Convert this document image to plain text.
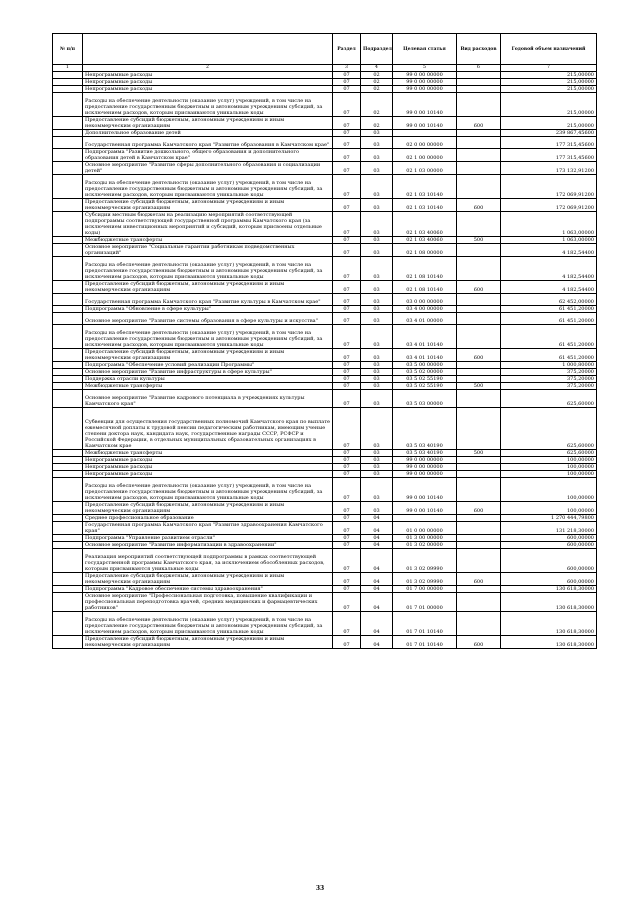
№ п/п		Раздел	Подраздел	Целевая статья	Вид расходов	Годовой объем назначений
1	2	3	4	5	6	7
	Непрограммные расходы	07	02	99 0 00 00000		215,00000
	Непрограммные расходы	07	02	99 0 00 00000		215,00000
	Непрограммные расходы	07	02	99 0 00 00000		215,00000
	Расходы на обеспечение деятельности (оказание услуг) учреждений, в том числе на предоставление государственным бюджетным и автономным учреждениям субсидий, за исключением расходов, которым присваиваются уникальные коды	07	02	99 0 00 10140		215,00000
	Предоставление субсидий бюджетным, автономным учреждениям и иным некоммерческим организациям	07	02	99 0 00 10140	600	215,00000
	Дополнительное образование детей	07	03			239 867,45600
	Государственная программа Камчатского края "Развитие образования в Камчатском крае"	07	03	02 0 00 00000		177 315,45600
	Подпрограмма "Развитие дошкольного, общего образования и дополнительного образования детей в Камчатском крае"	07	03	02 1 00 00000		177 315,45600
	Основное мероприятие "Развитие сферы дополнительного образования и социализации детей"	07	03	02 1 03 00000		173 132,91200
	Расходы на обеспечение деятельности (оказание услуг) учреждений, в том числе на предоставление государственным бюджетным и автономным учреждениям субсидий, за исключением расходов, которым присваиваются уникальные коды	07	03	02 1 03 10140		172 069,91200
	Предоставление субсидий бюджетным, автономным учреждениям и иным некоммерческим организациям	07	03	02 1 03 10140	600	172 069,91200
	Субсидии местным бюджетам на реализацию мероприятий соответствующей подпрограммы соответствующей государственной программы Камчатского края (за исключением инвестиционных мероприятий и субсидий, которым присвоены отдельные коды)	07	03	02 1 03 40060		1 063,00000
	Межбюджетные трансферты	07	03	02 1 03 40060	500	1 063,00000
	Основное мероприятие "Социальные гарантии работникам подведомственных организаций"	07	03	02 1 08 00000		4 182,54400
	Расходы на обеспечение деятельности (оказание услуг) учреждений, в том числе на предоставление государственным бюджетным и автономным учреждениям субсидий, за исключением расходов, которым присваиваются уникальные коды	07	03	02 1 08 10140		4 182,54400
	Предоставление субсидий бюджетным, автономным учреждениям и иным некоммерческим организациям	07	03	02 1 08 10140	600	4 182,54400
	Государственная программа Камчатского края "Развитие культуры в Камчатском крае"	07	03	03 0 00 00000		62 452,00000
	Подпрограмма "Обновление в сфере культуры"	07	03	03 4 00 00000		61 451,20000
	Основное мероприятие "Развитие системы образования в сфере культуры и искусства"	07	03	03 4 01 00000		61 451,20000
	Расходы на обеспечение деятельности (оказание услуг) учреждений, в том числе на предоставление государственным бюджетным и автономным учреждениям субсидий, за исключением расходов, которым присваиваются уникальные коды	07	03	03 4 01 10140		61 451,20000
	Предоставление субсидий бюджетным, автономным учреждениям и иным некоммерческим организациям	07	03	03 4 01 10140	600	61 451,20000
	Подпрограмма "Обеспечение условий реализации Программы"	07	03	03 5 00 00000		1 000,80000
	Основное мероприятие "Развитие инфраструктуры в сфере культуры"	07	03	03 5 02 00000		375,20000
	Поддержка отрасли культуры	07	03	03 5 02 55190		375,20000
	Межбюджетные трансферты	07	03	03 5 02 55190	500	375,20000
	Основное мероприятие "Развитие кадрового потенциала в учреждениях культуры Камчатского края"	07	03	03 5 03 00000		625,60000
	Субвенции для осуществления государственных полномочий Камчатского края по выплате ежемесячной доплаты к трудовой пенсии педагогическим работникам, имеющим ученые степени доктора наук, кандидата наук, государственные награды СССР, РСФСР и Российской Федерации, в отдельных муниципальных образовательных организациях в Камчатском крае	07	03	03 5 03 40190		625,60000
	Межбюджетные трансферты	07	03	03 5 03 40190	500	625,60000
	Непрограммные расходы	07	03	99 0 00 00000		100,00000
	Непрограммные расходы	07	03	99 0 00 00000		100,00000
	Непрограммные расходы	07	03	99 0 00 00000		100,00000
	Расходы на обеспечение деятельности (оказание услуг) учреждений, в том числе на предоставление государственным бюджетным и автономным учреждениям субсидий, за исключением расходов, которым присваиваются уникальные коды	07	03	99 0 00 10140		100,00000
	Предоставление субсидий бюджетным, автономным учреждениям и иным некоммерческим организациям	07	03	99 0 00 10140	600	100,00000
	Среднее профессиональное образование	07	04			1 270 444,79800
	Государственная программа Камчатского края "Развитие здравоохранения Камчатского края"	07	04	01 0 00 00000		131 218,30000
	Подпрограмма "Управление развитием отрасли"	07	04	01 3 00 00000		600,00000
	Основное мероприятие "Развитие информатизации в здравоохранении"	07	04	01 3 02 00000		600,00000
	Реализация мероприятий соответствующей подпрограммы в рамках соответствующей государственной программы Камчатского края, за исключением обособленных расходов, которым присваиваются уникальные коды	07	04	01 3 02 09990		600,00000
	Предоставление субсидий бюджетным, автономным учреждениям и иным некоммерческим организациям	07	04	01 3 02 09990	600	600,00000
	Подпрограмма "Кадровое обеспечение системы здравоохранения"	07	04	01 7 00 00000		130 618,30000
	Основное мероприятие "Профессиональная подготовка, повышение квалификации и профессиональная переподготовка врачей, средних медицинских и фармацевтических работников"	07	04	01 7 01 00000		130 618,30000
	Расходы на обеспечение деятельности (оказание услуг) учреждений, в том числе на предоставление государственным бюджетным и автономным учреждениям субсидий, за исключением расходов, которым присваиваются уникальные коды	07	04	01 7 01 10140		130 618,30000
	Предоставление субсидий бюджетным, автономным учреждениям и иным некоммерческим организациям	07	04	01 7 01 10140	600	130 618,30000
33
